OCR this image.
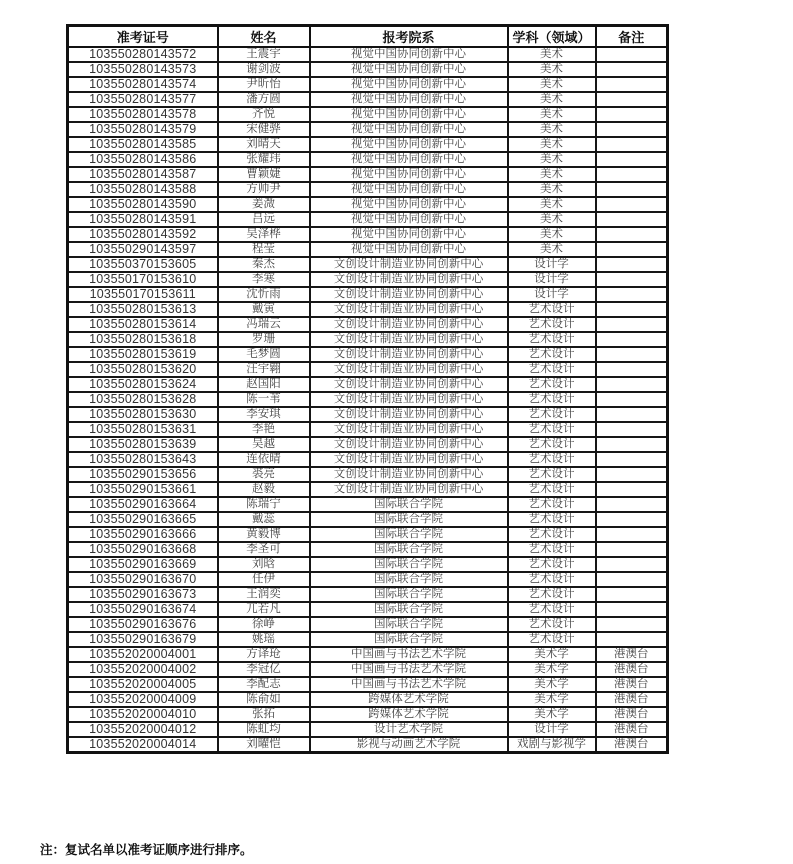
准考证号	姓名	报考院系	学科（领域）	备注
103550280143572	王震宇	视觉中国协同创新中心	美术	
103550280143573	谢剑波	视觉中国协同创新中心	美术	
103550280143574	尹昕怡	视觉中国协同创新中心	美术	
103550280143577	潘方圆	视觉中国协同创新中心	美术	
103550280143578	齐悦	视觉中国协同创新中心	美术	
103550280143579	宋健骅	视觉中国协同创新中心	美术	
103550280143585	刘晴天	视觉中国协同创新中心	美术	
103550280143586	张耀玮	视觉中国协同创新中心	美术	
103550280143587	曹颖婕	视觉中国协同创新中心	美术	
103550280143588	方帅尹	视觉中国协同创新中心	美术	
103550280143590	姜溦	视觉中国协同创新中心	美术	
103550280143591	吕远	视觉中国协同创新中心	美术	
103550280143592	吴泽桦	视觉中国协同创新中心	美术	
103550290143597	程莹	视觉中国协同创新中心	美术	
103550370153605	秦杰	文创设计制造业协同创新中心	设计学	
103550170153610	李寒	文创设计制造业协同创新中心	设计学	
103550170153611	沈忻雨	文创设计制造业协同创新中心	设计学	
103550280153613	戴寅	文创设计制造业协同创新中心	艺术设计	
103550280153614	冯瑞云	文创设计制造业协同创新中心	艺术设计	
103550280153618	罗珊	文创设计制造业协同创新中心	艺术设计	
103550280153619	毛梦圆	文创设计制造业协同创新中心	艺术设计	
103550280153620	汪宇翱	文创设计制造业协同创新中心	艺术设计	
103550280153624	赵国阳	文创设计制造业协同创新中心	艺术设计	
103550280153628	陈一苇	文创设计制造业协同创新中心	艺术设计	
103550280153630	李安琪	文创设计制造业协同创新中心	艺术设计	
103550280153631	李艳	文创设计制造业协同创新中心	艺术设计	
103550280153639	吴越	文创设计制造业协同创新中心	艺术设计	
103550280153643	连依晴	文创设计制造业协同创新中心	艺术设计	
103550290153656	裘亮	文创设计制造业协同创新中心	艺术设计	
103550290153661	赵毅	文创设计制造业协同创新中心	艺术设计	
103550290163664	陈瑞宁	国际联合学院	艺术设计	
103550290163665	戴蕊	国际联合学院	艺术设计	
103550290163666	黄毅博	国际联合学院	艺术设计	
103550290163668	李圣可	国际联合学院	艺术设计	
103550290163669	刘晗	国际联合学院	艺术设计	
103550290163670	任伊	国际联合学院	艺术设计	
103550290163673	王润奕	国际联合学院	艺术设计	
103550290163674	兀若凡	国际联合学院	艺术设计	
103550290163676	徐峥	国际联合学院	艺术设计	
103550290163679	姚瑶	国际联合学院	艺术设计	
103552020004001	方译玱	中国画与书法艺术学院	美术学	港澳台
103552020004002	李冠亿	中国画与书法艺术学院	美术学	港澳台
103552020004005	李配志	中国画与书法艺术学院	美术学	港澳台
103552020004009	陈俞如	跨媒体艺术学院	美术学	港澳台
103552020004010	张拓	跨媒体艺术学院	美术学	港澳台
103552020004012	陈虹均	设计艺术学院	设计学	港澳台
103552020004014	刘曜恺	影视与动画艺术学院	戏剧与影视学	港澳台
注：复试名单以准考证顺序进行排序。
